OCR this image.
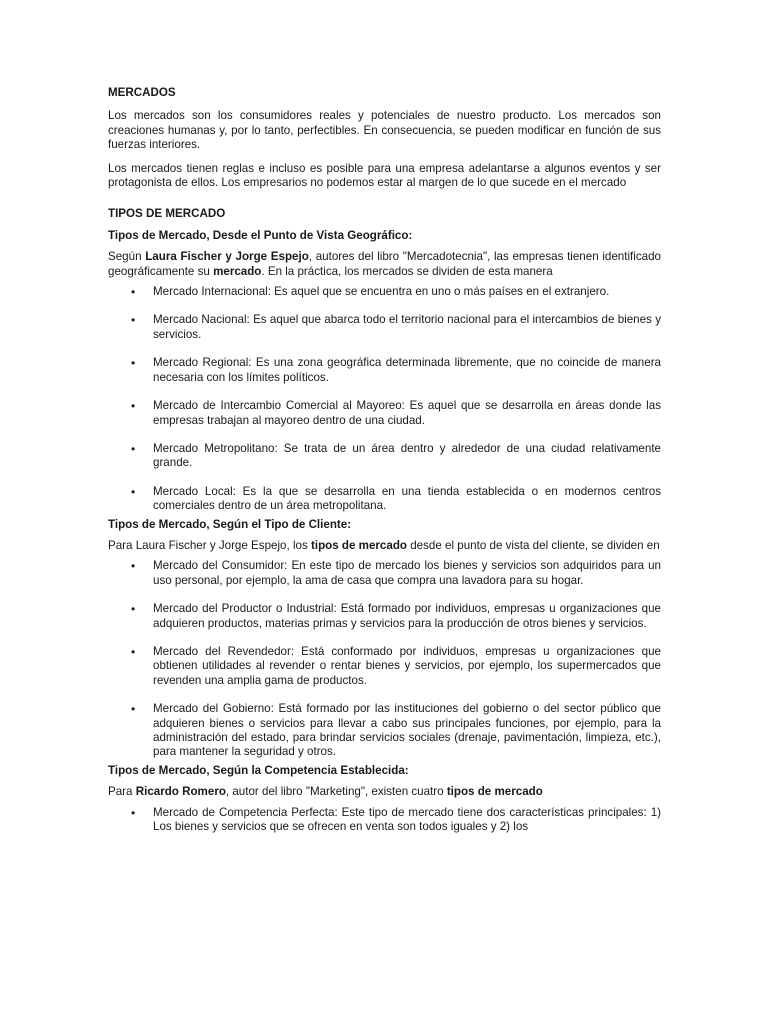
MERCADOS

Los mercados son los consumidores reales y potenciales de nuestro producto. Los mercados son creaciones humanas y, por lo tanto, perfectibles. En consecuencia, se pueden modificar en función de sus fuerzas interiores.

Los mercados tienen reglas e incluso es posible para una empresa adelantarse a algunos eventos y ser protagonista de ellos. Los empresarios no podemos estar al margen de lo que sucede en el mercado

TIPOS DE MERCADO
Tipos de Mercado, Desde el Punto de Vista Geográfico:

Según Laura Fischer y Jorge Espejo, autores del libro "Mercadotecnia", las empresas tienen identificado geográficamente su mercado. En la práctica, los mercados se dividen de esta manera

• Mercado Internacional: Es aquel que se encuentra en uno o más países en el extranjero.
• Mercado Nacional: Es aquel que abarca todo el territorio nacional para el intercambios de bienes y servicios.
• Mercado Regional: Es una zona geográfica determinada libremente, que no coincide de manera necesaria con los límites políticos.
• Mercado de Intercambio Comercial al Mayoreo: Es aquel que se desarrolla en áreas donde las empresas trabajan al mayoreo dentro de una ciudad.
• Mercado Metropolitano: Se trata de un área dentro y alrededor de una ciudad relativamente grande.
• Mercado Local: Es la que se desarrolla en una tienda establecida o en modernos centros comerciales dentro de un área metropolitana.
Tipos de Mercado, Según el Tipo de Cliente:

Para Laura Fischer y Jorge Espejo, los tipos de mercado desde el punto de vista del cliente, se dividen en

• Mercado del Consumidor: En este tipo de mercado los bienes y servicios son adquiridos para un uso personal, por ejemplo, la ama de casa que compra una lavadora para su hogar.
• Mercado del Productor o Industrial: Está formado por individuos, empresas u organizaciones que adquieren productos, materias primas y servicios para la producción de otros bienes y servicios.
• Mercado del Revendedor: Está conformado por individuos, empresas u organizaciones que obtienen utilidades al revender o rentar bienes y servicios, por ejemplo, los supermercados que revenden una amplia gama de productos.
• Mercado del Gobierno: Está formado por las instituciones del gobierno o del sector público que adquieren bienes o servicios para llevar a cabo sus principales funciones, por ejemplo, para la administración del estado, para brindar servicios sociales (drenaje, pavimentación, limpieza, etc.), para mantener la seguridad y otros.
Tipos de Mercado, Según la Competencia Establecida:

Para Ricardo Romero, autor del libro "Marketing", existen cuatro tipos de mercado

• Mercado de Competencia Perfecta: Este tipo de mercado tiene dos características principales: 1) Los bienes y servicios que se ofrecen en venta son todos iguales y 2) los
